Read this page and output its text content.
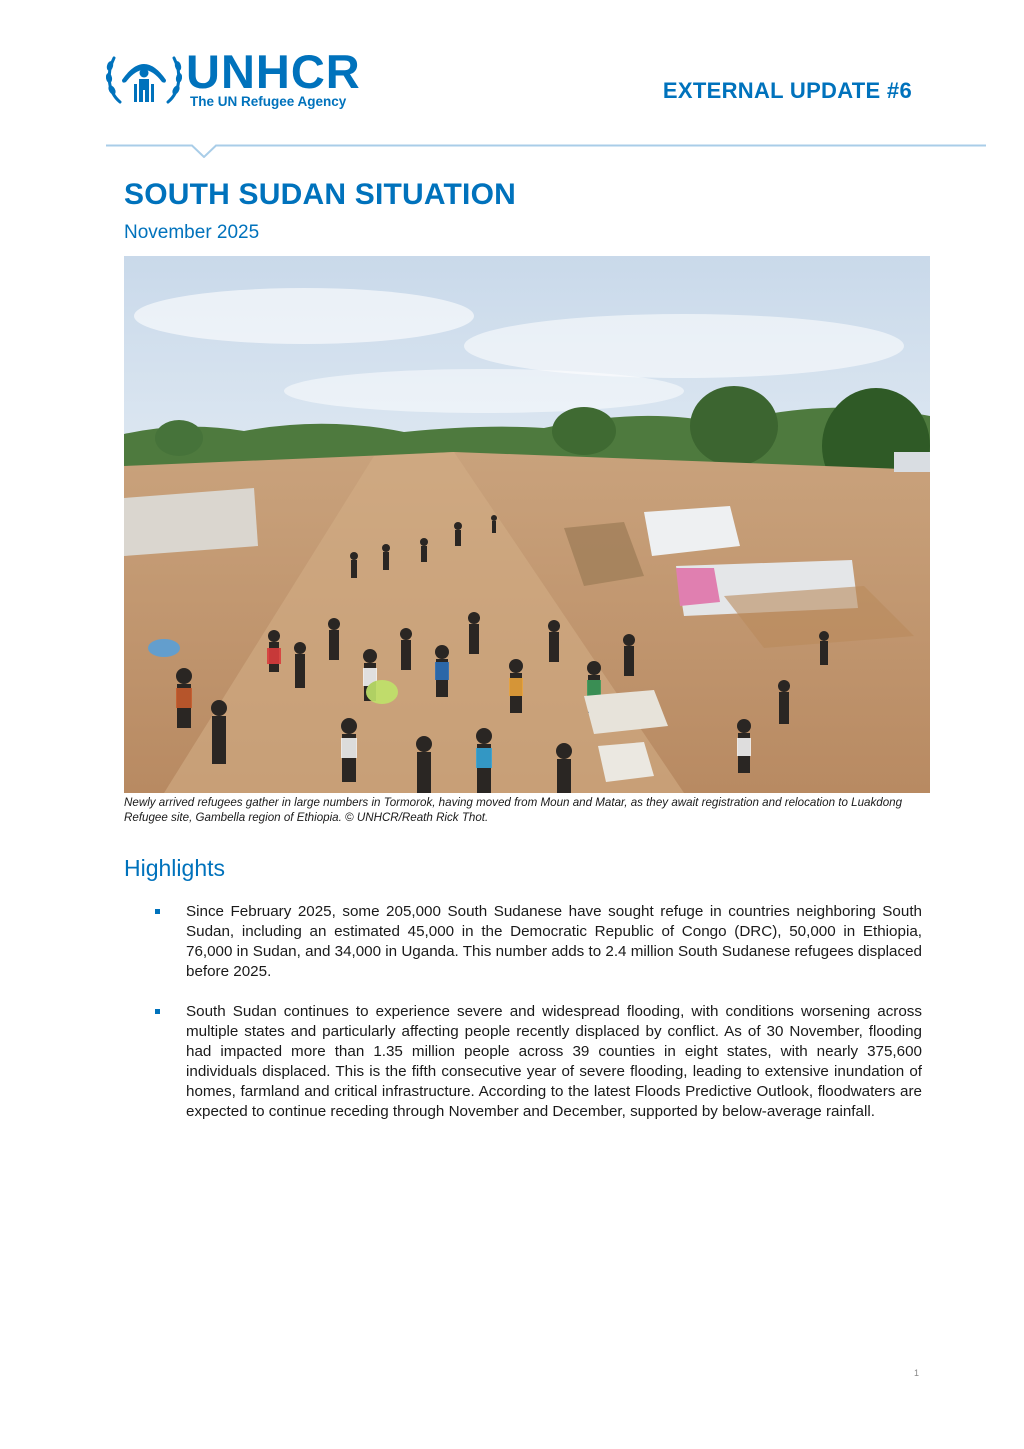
UNHCR
The UN Refugee Agency	EXTERNAL UPDATE #6
SOUTH SUDAN SITUATION
November 2025
Newly arrived refugees gather in large numbers in Tormorok, having moved from Moun and Matar, as they await registration and relocation to Luakdong Refugee site, Gambella region of Ethiopia. © UNHCR/Reath Rick Thot.
Highlights
Since February 2025, some 205,000 South Sudanese have sought refuge in countries neighboring South Sudan, including an estimated 45,000 in the Democratic Republic of Congo (DRC), 50,000 in Ethiopia, 76,000 in Sudan, and 34,000 in Uganda. This number adds to 2.4 million South Sudanese refugees displaced before 2025.
South Sudan continues to experience severe and widespread flooding, with conditions worsening across multiple states and particularly affecting people recently displaced by conflict. As of 30 November, flooding had impacted more than 1.35 million people across 39 counties in eight states, with nearly 375,600 individuals displaced. This is the fifth consecutive year of severe flooding, leading to extensive inundation of homes, farmland and critical infrastructure. According to the latest Floods Predictive Outlook, floodwaters are expected to continue receding through November and December, supported by below-average rainfall.
1
